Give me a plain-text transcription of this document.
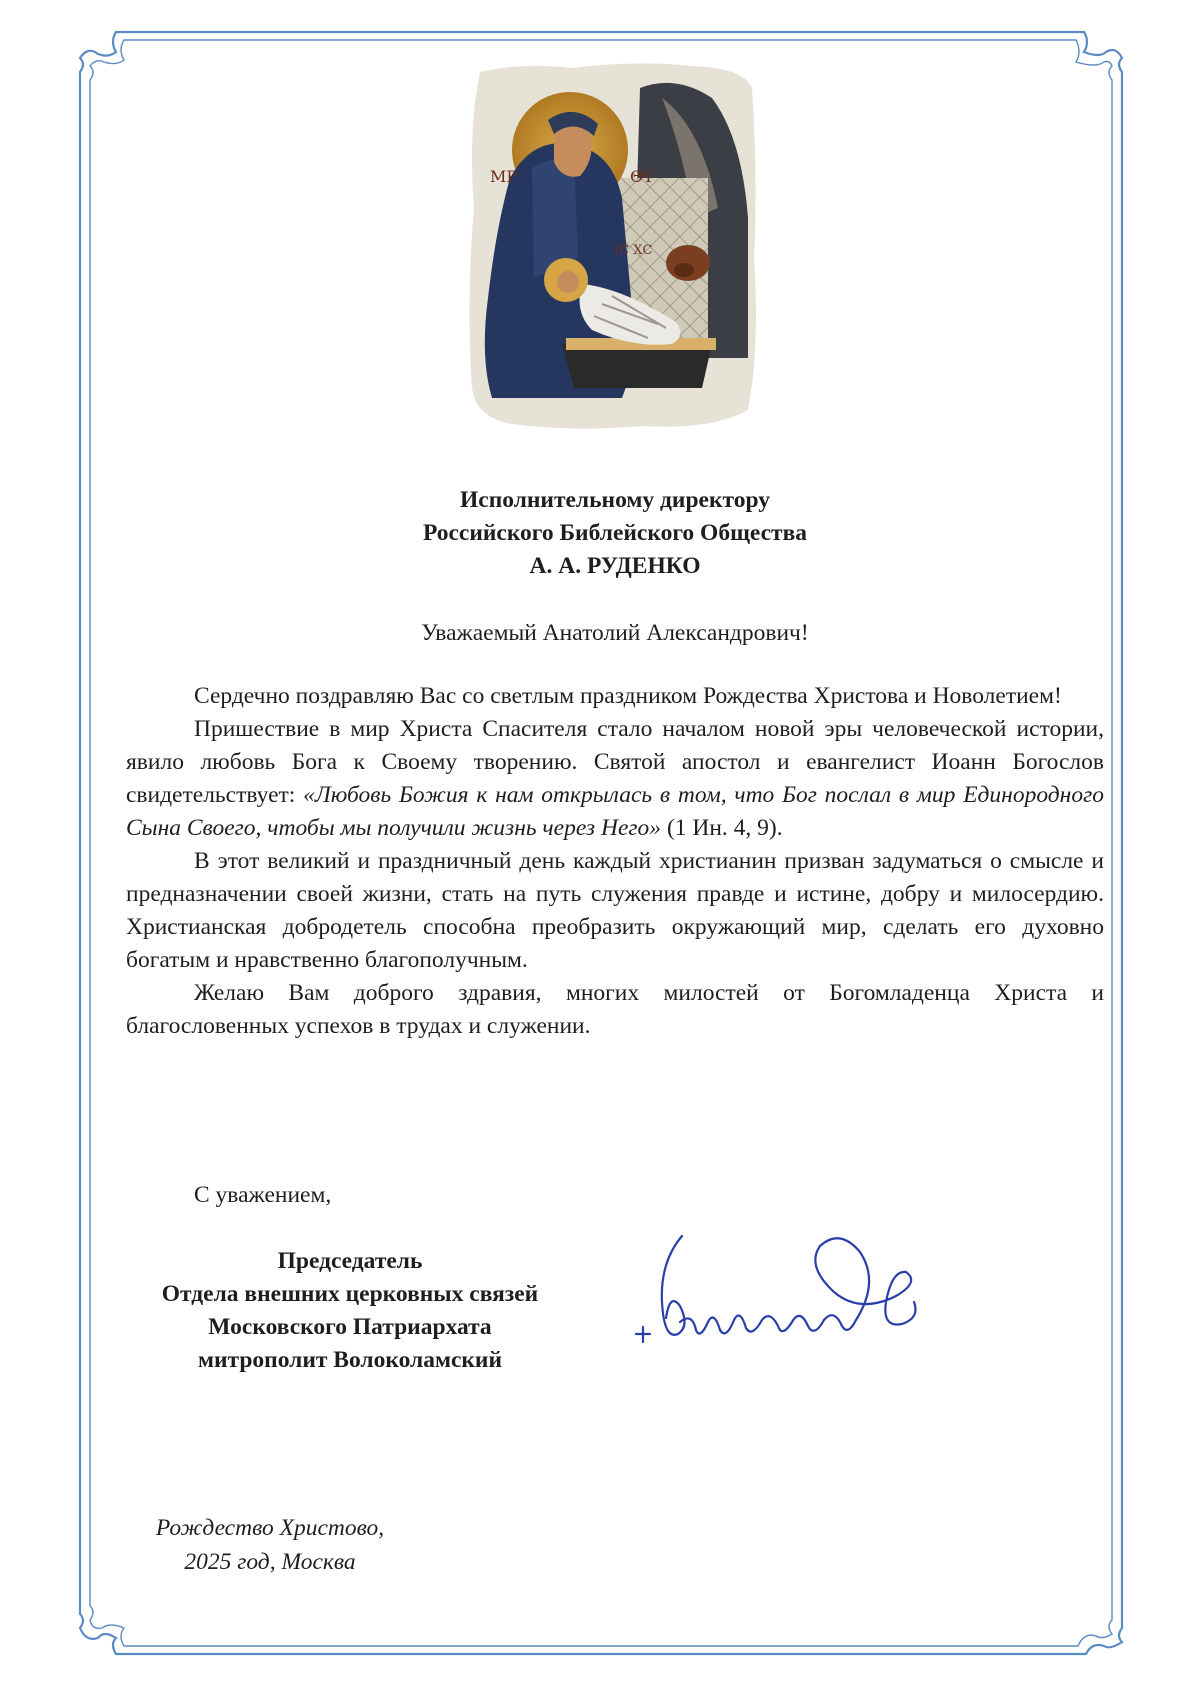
МР	ΘΥ
ІС ХС
Исполнительному директору
Российского Библейского Общества
А. А. РУДЕНКО
Уважаемый Анатолий Александрович!

Сердечно поздравляю Вас со светлым праздником Рождества Христова и Новолетием!

Пришествие в мир Христа Спасителя стало началом новой эры человеческой истории, явило любовь Бога к Своему творению. Святой апостол и евангелист Иоанн Богослов свидетельствует: «Любовь Божия к нам открылась в том, что Бог послал в мир Единородного Сына Своего, чтобы мы получили жизнь через Него» (1 Ин. 4, 9).

В этот великий и праздничный день каждый христианин призван задуматься о смысле и предназначении своей жизни, стать на путь служения правде и истине, добру и милосердию. Христианская добродетель способна преобразить окружающий мир, сделать его духовно богатым и нравственно благополучным.

Желаю Вам доброго здравия, многих милостей от Богомладенца Христа и благословенных успехов в трудах и служении.

С уважением,
Председатель
Отдела внешних церковных связей
Московского Патриархата
митрополит Волоколамский
Рождество Христово,
2025 год, Москва
